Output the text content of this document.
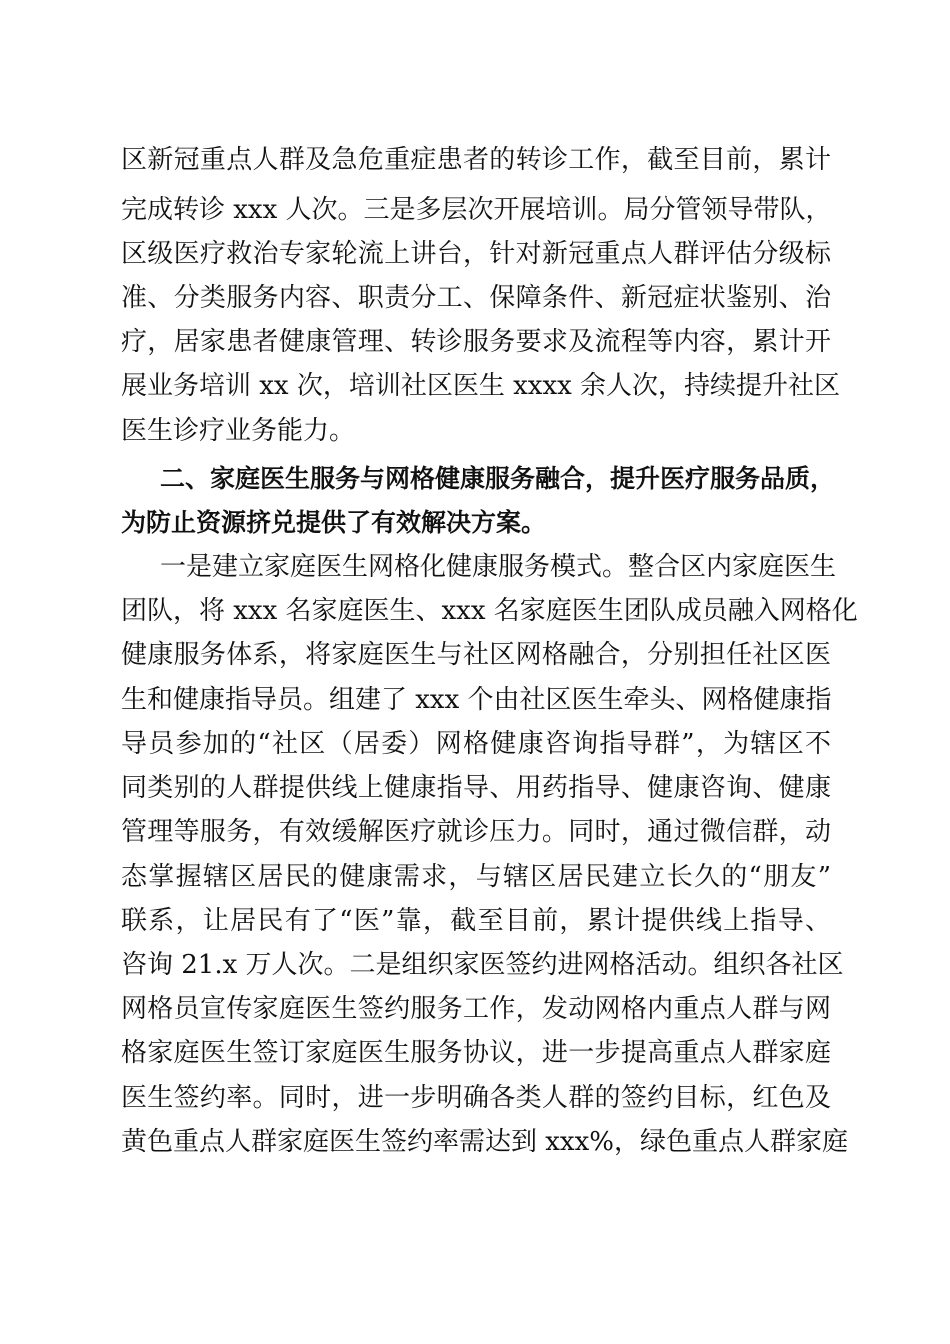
区新冠重点人群及急危重症患者的转诊工作，截至目前，累计
完成转诊 xxx 人次。三是多层次开展培训。局分管领导带队，
区级医疗救治专家轮流上讲台，针对新冠重点人群评估分级标
准、分类服务内容、职责分工、保障条件、新冠症状鉴别、治
疗，居家患者健康管理、转诊服务要求及流程等内容，累计开
展业务培训 xx 次，培训社区医生 xxxx 余人次，持续提升社区
医生诊疗业务能力。
二、家庭医生服务与网格健康服务融合，提升医疗服务品质，
为防止资源挤兑提供了有效解决方案。
一是建立家庭医生网格化健康服务模式。整合区内家庭医生
团队，将 xxx 名家庭医生、xxx 名家庭医生团队成员融入网格化
健康服务体系，将家庭医生与社区网格融合，分别担任社区医
生和健康指导员。组建了 xxx 个由社区医生牵头、网格健康指
导员参加的“社区（居委）网格健康咨询指导群”，为辖区不
同类别的人群提供线上健康指导、用药指导、健康咨询、健康
管理等服务，有效缓解医疗就诊压力。同时，通过微信群，动
态掌握辖区居民的健康需求，与辖区居民建立长久的“朋友”
联系，让居民有了“医”靠，截至目前，累计提供线上指导、
咨询 21.x 万人次。二是组织家医签约进网格活动。组织各社区
网格员宣传家庭医生签约服务工作，发动网格内重点人群与网
格家庭医生签订家庭医生服务协议，进一步提高重点人群家庭
医生签约率。同时，进一步明确各类人群的签约目标，红色及
黄色重点人群家庭医生签约率需达到 xxx%，绿色重点人群家庭
